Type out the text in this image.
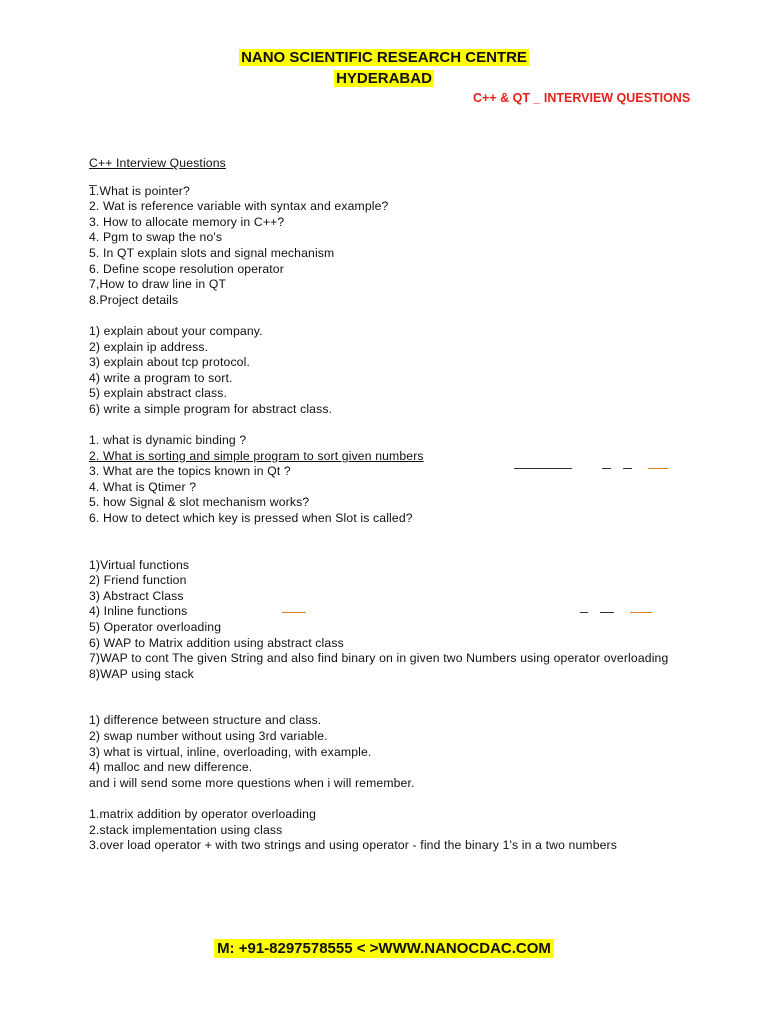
NANO SCIENTIFIC RESEARCH CENTRE
HYDERABAD
C++ & QT _ INTERVIEW QUESTIONS
C++ Interview Questions
1.What is pointer?
2. Wat is reference variable with syntax and example?
3. How to allocate memory in C++?
4. Pgm to swap the no's
5. In QT explain slots and signal mechanism
6. Define scope resolution operator
7,How to draw line in QT
8.Project details
1) explain about your company.
2) explain ip address.
3) explain about tcp protocol.
4) write a program to sort.
5) explain abstract class.
6) write a simple program for abstract class.
1. what is dynamic binding ?
2. What is sorting and simple program to sort given numbers
3. What are the topics known in Qt ?
4. What is Qtimer ?
5. how Signal & slot mechanism works?
6. How to detect which key is pressed when Slot is called?
1)Virtual functions
2) Friend function
3) Abstract Class
4) Inline functions
5) Operator overloading
6) WAP to Matrix addition using abstract class
7)WAP to cont The given String and also find binary on in given two Numbers using operator overloading
8)WAP using stack
1) difference between structure and class.
2) swap number without using 3rd variable.
3) what is virtual, inline, overloading, with example.
4) malloc and new difference.
and i will send some more questions when i will remember.
1.matrix addition by operator overloading
2.stack implementation using class
3.over load operator + with two strings and using operator - find the binary 1's in a two numbers
M: +91-8297578555 < >WWW.NANOCDAC.COM
